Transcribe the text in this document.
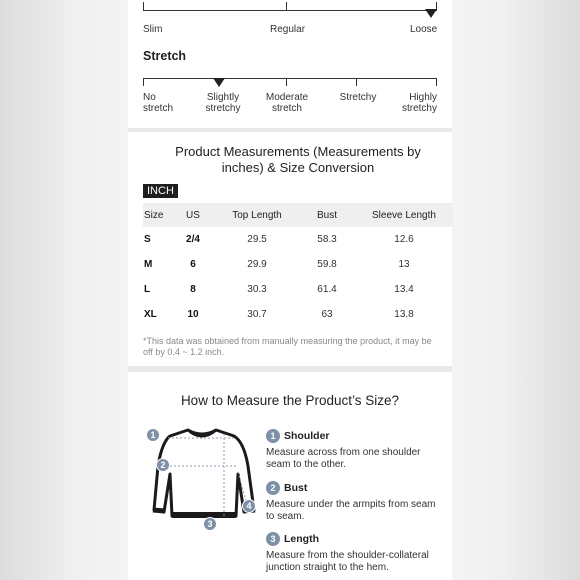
Slim	Regular	Loose
Stretch
No stretch
Slightly stretchy
Moderate stretch
Stretchy	Highly stretchy
Product Measurements (Measurements by inches) & Size Conversion
INCH
Size	US	Top Length	Bust	Sleeve Length
S	2/4	29.5	58.3	12.6
M	6	29.9	59.8	13
L	8	30.3	61.4	13.4
XL	10	30.7	63	13.8
*This data was obtained from manually measuring the product, it may be off by 0.4 ~ 1.2 inch.
How to Measure the Product’s Size?
1
2
3
4
1 Shoulder
Measure across from one shoulder seam to the other.
2 Bust
Measure under the armpits from seam to seam.
3 Length
Measure from the shoulder-collateral junction straight to the hem.
